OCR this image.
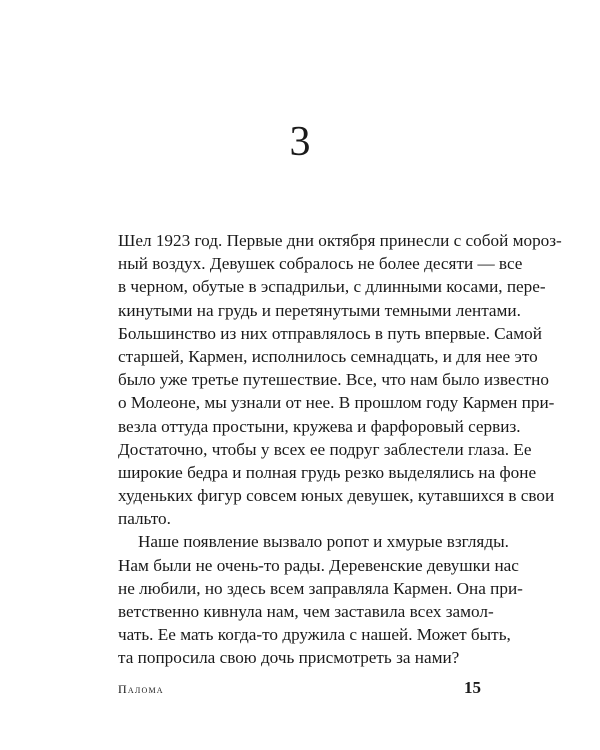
3
Шел 1923 год. Первые дни октября принесли с собой мороз-
ный воздух. Девушек собралось не более десяти — все
в черном, обутые в эспадрильи, с длинными косами, пере-
кинутыми на грудь и перетянутыми темными лентами.
Большинство из них отправлялось в путь впервые. Самой
старшей, Кармен, исполнилось семнадцать, и для нее это
было уже третье путешествие. Все, что нам было известно
о Молеоне, мы узнали от нее. В прошлом году Кармен при-
везла оттуда простыни, кружева и фарфоровый сервиз.
Достаточно, чтобы у всех ее подруг заблестели глаза. Ее
широкие бедра и полная грудь резко выделялись на фоне
худеньких фигур совсем юных девушек, кутавшихся в свои
пальто.
Наше появление вызвало ропот и хмурые взгляды.
Нам были не очень-то рады. Деревенские девушки нас
не любили, но здесь всем заправляла Кармен. Она при-
ветственно кивнула нам, чем заставила всех замол-
чать. Ее мать когда-то дружила с нашей. Может быть,
та попросила свою дочь присмотреть за нами?
Паломa	15
